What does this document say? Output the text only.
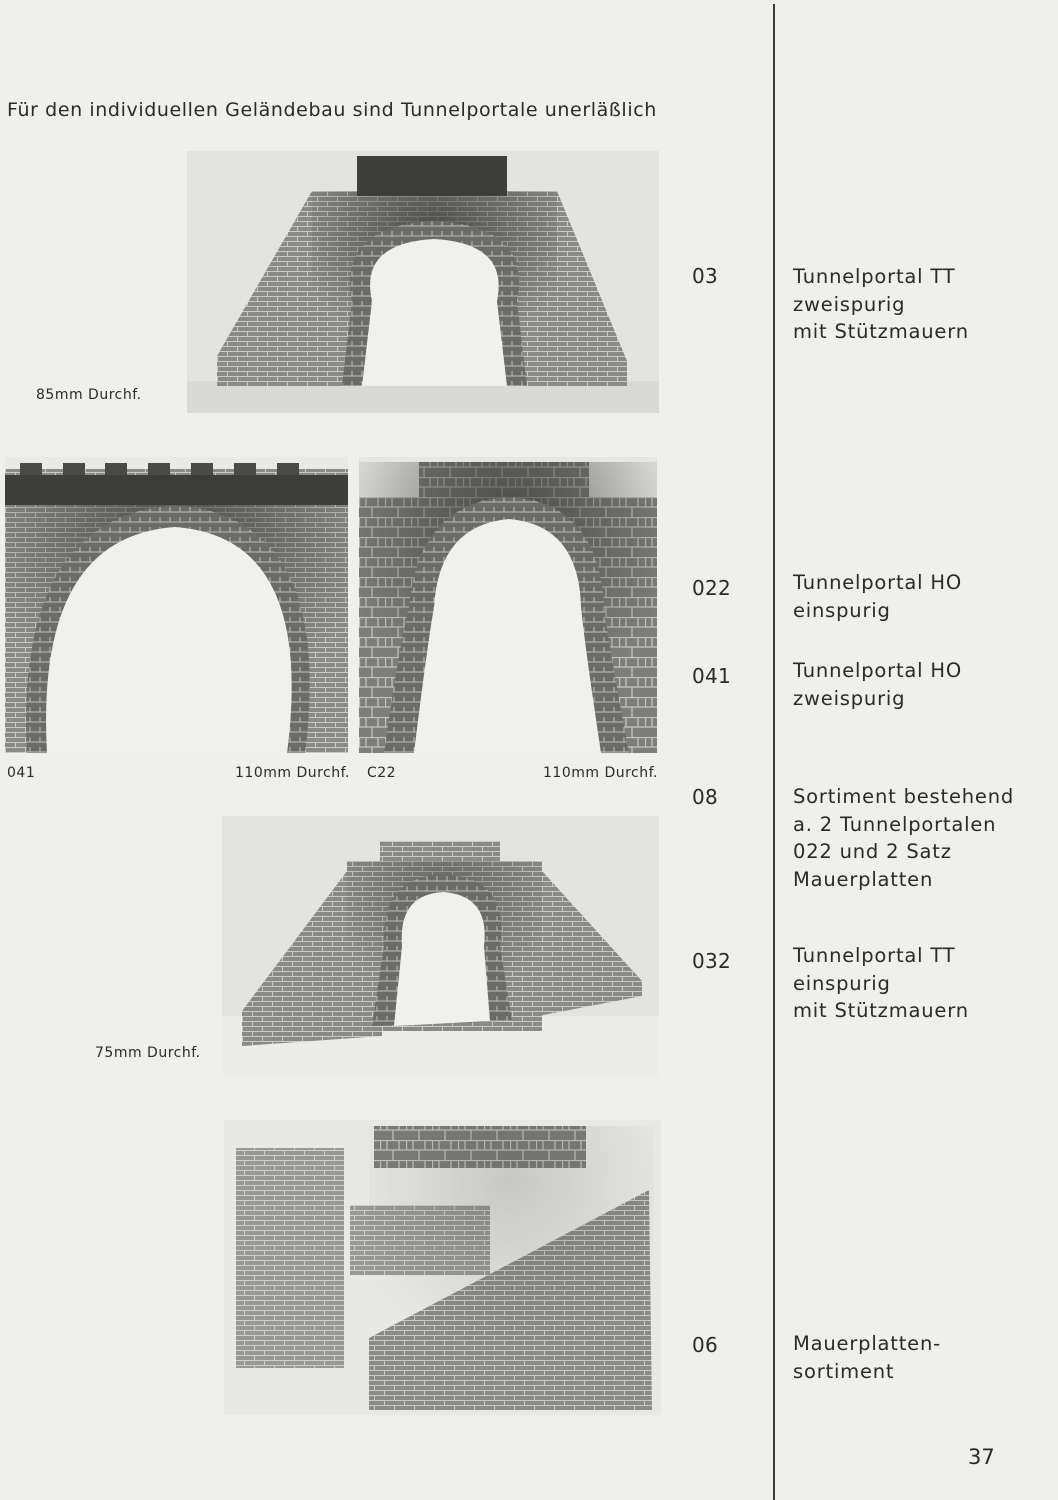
Für den individuellen Geländebau sind Tunnelportale unerläßlich
85mm Durchf.
041	110mm Durchf. C22	110mm Durchf.
75mm Durchf.
03
022
041
08
032
06
Tunnelportal TT
zweispurig
mit Stützmauern
Tunnelportal HO
einspurig
Tunnelportal HO
zweispurig
Sortiment bestehend
a. 2 Tunnelportalen
022 und 2 Satz
Mauerplatten
Tunnelportal TT
einspurig
mit Stützmauern
Mauerplatten-
sortiment
37
